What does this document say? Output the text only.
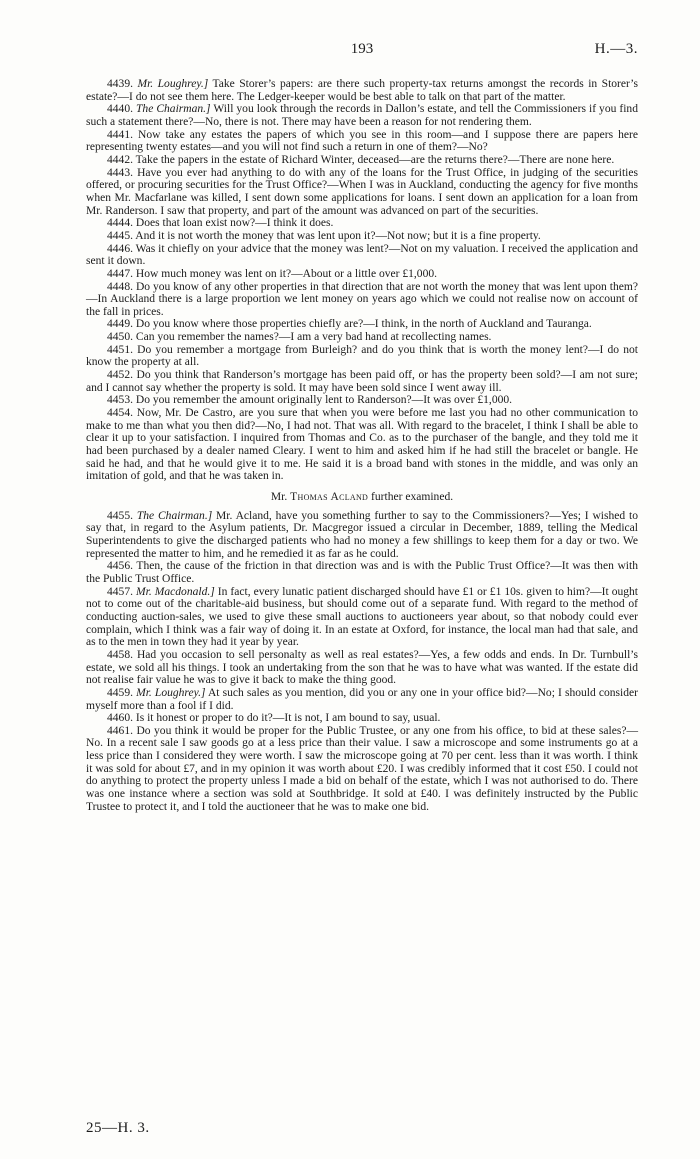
193	H.—3.

4439. Mr. Loughrey.] Take Storer’s papers: are there such property-tax returns amongst the records in Storer’s estate?—I do not see them here. The Ledger-keeper would be best able to talk on that part of the matter.

4440. The Chairman.] Will you look through the records in Dallon’s estate, and tell the Commissioners if you find such a statement there?—No, there is not. There may have been a reason for not rendering them.

4441. Now take any estates the papers of which you see in this room—and I suppose there are papers here representing twenty estates—and you will not find such a return in one of them?—No?

4442. Take the papers in the estate of Richard Winter, deceased—are the returns there?—There are none here.

4443. Have you ever had anything to do with any of the loans for the Trust Office, in judging of the securities offered, or procuring securities for the Trust Office?—When I was in Auckland, conducting the agency for five months when Mr. Macfarlane was killed, I sent down some applications for loans. I sent down an application for a loan from Mr. Randerson. I saw that property, and part of the amount was advanced on part of the securities.

4444. Does that loan exist now?—I think it does.

4445. And it is not worth the money that was lent upon it?—Not now; but it is a fine property.

4446. Was it chiefly on your advice that the money was lent?—Not on my valuation. I received the application and sent it down.

4447. How much money was lent on it?—About or a little over £1,000.

4448. Do you know of any other properties in that direction that are not worth the money that was lent upon them?—In Auckland there is a large proportion we lent money on years ago which we could not realise now on account of the fall in prices.

4449. Do you know where those properties chiefly are?—I think, in the north of Auckland and Tauranga.

4450. Can you remember the names?—I am a very bad hand at recollecting names.

4451. Do you remember a mortgage from Burleigh? and do you think that is worth the money lent?—I do not know the property at all.

4452. Do you think that Randerson’s mortgage has been paid off, or has the property been sold?—I am not sure; and I cannot say whether the property is sold. It may have been sold since I went away ill.

4453. Do you remember the amount originally lent to Randerson?—It was over £1,000.

4454. Now, Mr. De Castro, are you sure that when you were before me last you had no other communication to make to me than what you then did?—No, I had not. That was all. With regard to the bracelet, I think I shall be able to clear it up to your satisfaction. I inquired from Thomas and Co. as to the purchaser of the bangle, and they told me it had been purchased by a dealer named Cleary. I went to him and asked him if he had still the bracelet or bangle. He said he had, and that he would give it to me. He said it is a broad band with stones in the middle, and was only an imitation of gold, and that he was taken in.

Mr. Thomas Acland further examined.

4455. The Chairman.] Mr. Acland, have you something further to say to the Commissioners?—Yes; I wished to say that, in regard to the Asylum patients, Dr. Macgregor issued a circular in December, 1889, telling the Medical Superintendents to give the discharged patients who had no money a few shillings to keep them for a day or two. We represented the matter to him, and he remedied it as far as he could.

4456. Then, the cause of the friction in that direction was and is with the Public Trust Office?—It was then with the Public Trust Office.

4457. Mr. Macdonald.] In fact, every lunatic patient discharged should have £1 or £1 10s. given to him?—It ought not to come out of the charitable-aid business, but should come out of a separate fund. With regard to the method of conducting auction-sales, we used to give these small auctions to auctioneers year about, so that nobody could ever complain, which I think was a fair way of doing it. In an estate at Oxford, for instance, the local man had that sale, and as to the men in town they had it year by year.

4458. Had you occasion to sell personalty as well as real estates?—Yes, a few odds and ends. In Dr. Turnbull’s estate, we sold all his things. I took an undertaking from the son that he was to have what was wanted. If the estate did not realise fair value he was to give it back to make the thing good.

4459. Mr. Loughrey.] At such sales as you mention, did you or any one in your office bid?—No; I should consider myself more than a fool if I did.

4460. Is it honest or proper to do it?—It is not, I am bound to say, usual.

4461. Do you think it would be proper for the Public Trustee, or any one from his office, to bid at these sales?—No. In a recent sale I saw goods go at a less price than their value. I saw a microscope and some instruments go at a less price than I considered they were worth. I saw the microscope going at 70 per cent. less than it was worth. I think it was sold for about £7, and in my opinion it was worth about £20. I was credibly informed that it cost £50. I could not do anything to protect the property unless I made a bid on behalf of the estate, which I was not authorised to do. There was one instance where a section was sold at Southbridge. It sold at £40. I was definitely instructed by the Public Trustee to protect it, and I told the auctioneer that he was to make one bid.

25—H. 3.
